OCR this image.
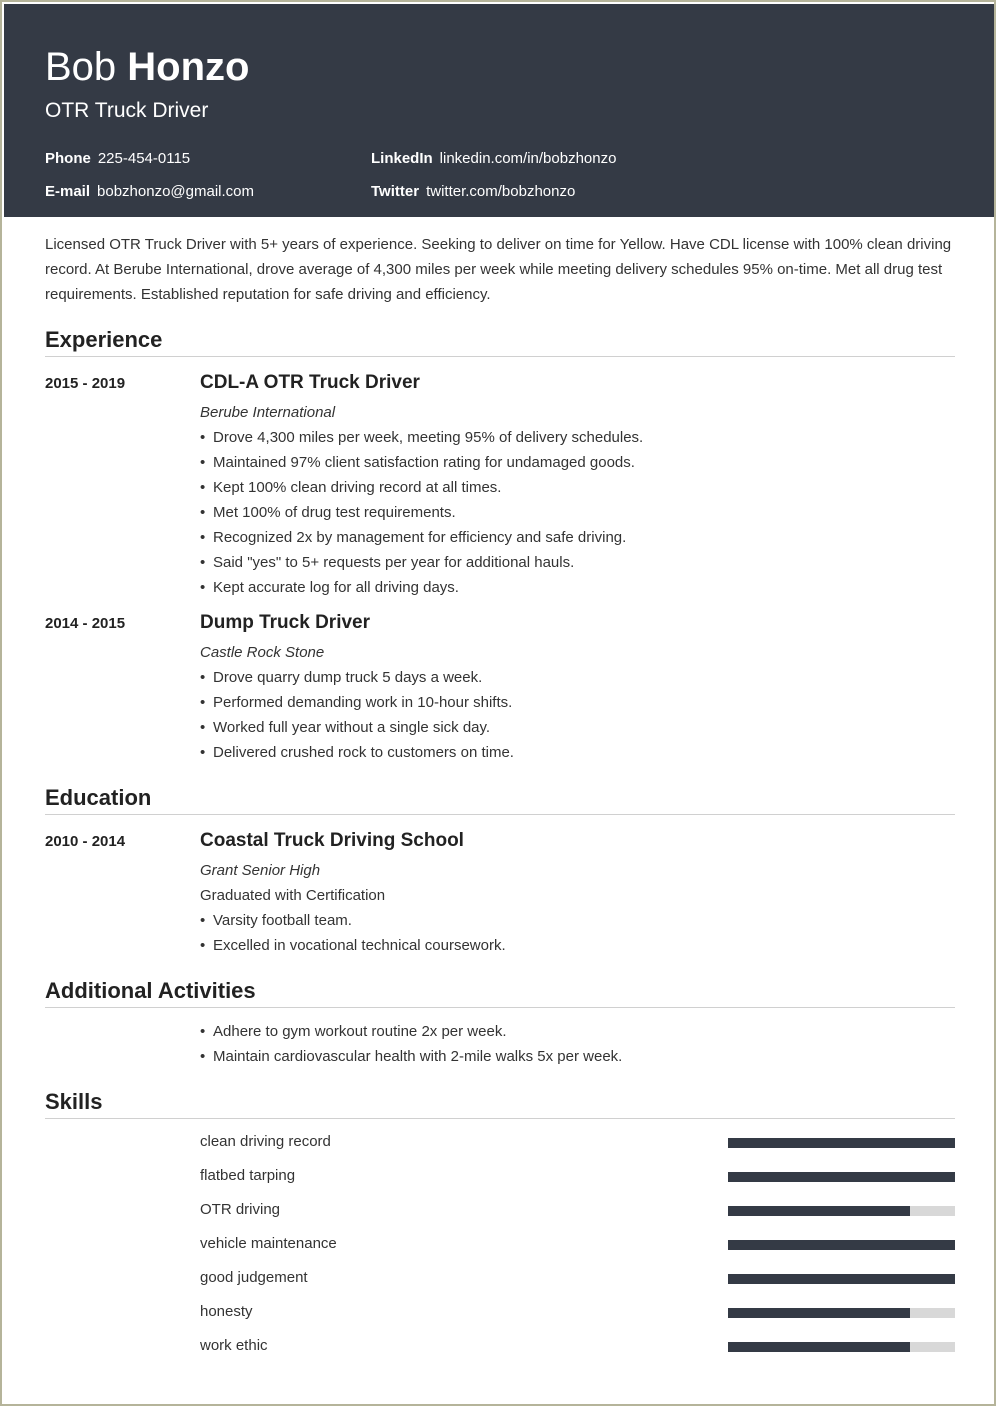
Bob Honzo
OTR Truck Driver
Phone 225-454-0115
E-mail bobzhonzo@gmail.com
LinkedIn linkedin.com/in/bobzhonzo
Twitter twitter.com/bobzhonzo
Licensed OTR Truck Driver with 5+ years of experience. Seeking to deliver on time for Yellow. Have CDL license with 100% clean driving record. At Berube International, drove average of 4,300 miles per week while meeting delivery schedules 95% on-time. Met all drug test requirements. Established reputation for safe driving and efficiency.
Experience
2015 - 2019	CDL-A OTR Truck Driver
Berube International
• Drove 4,300 miles per week, meeting 95% of delivery schedules.
• Maintained 97% client satisfaction rating for undamaged goods.
• Kept 100% clean driving record at all times.
• Met 100% of drug test requirements.
• Recognized 2x by management for efficiency and safe driving.
• Said "yes" to 5+ requests per year for additional hauls.
• Kept accurate log for all driving days.
2014 - 2015	Dump Truck Driver
Castle Rock Stone
• Drove quarry dump truck 5 days a week.
• Performed demanding work in 10-hour shifts.
• Worked full year without a single sick day.
• Delivered crushed rock to customers on time.
Education
2010 - 2014	Coastal Truck Driving School
Grant Senior High
Graduated with Certification
• Varsity football team.
• Excelled in vocational technical coursework.
Additional Activities
• Adhere to gym workout routine 2x per week.
• Maintain cardiovascular health with 2-mile walks 5x per week.
Skills
clean driving record
flatbed tarping
OTR driving
vehicle maintenance
good judgement
honesty
work ethic
